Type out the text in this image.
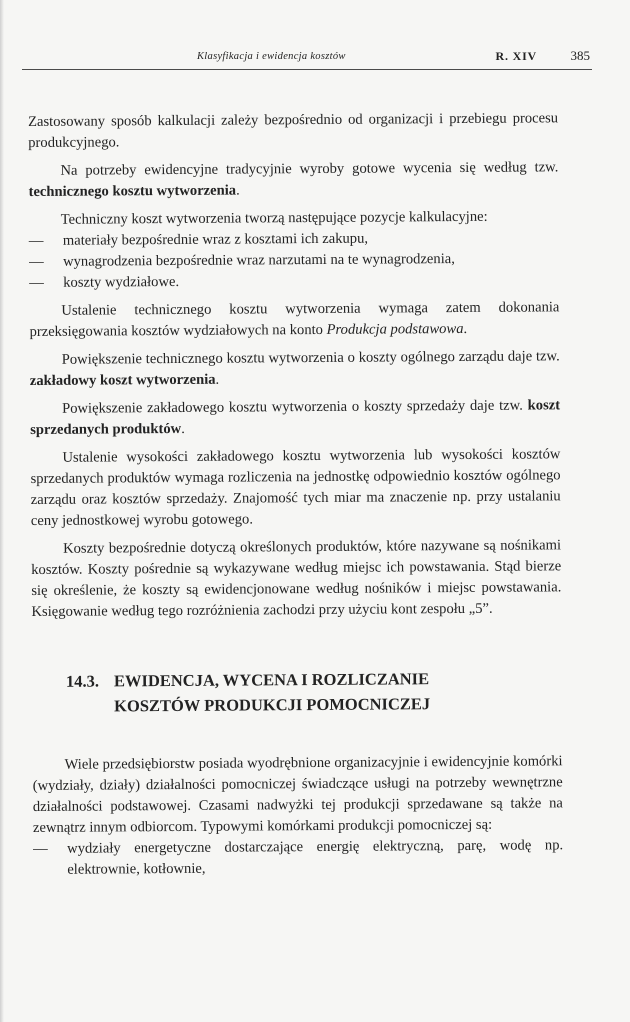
Klasyfikacja i ewidencja kosztów	R. XIV	385

Zastosowany sposób kalkulacji zależy bezpośrednio od organizacji i przebiegu procesu produkcyjnego.

Na potrzeby ewidencyjne tradycyjnie wyroby gotowe wycenia się według tzw. technicznego kosztu wytworzenia.

Techniczny koszt wytworzenia tworzą następujące pozycje kalkulacyjne:

— materiały bezpośrednie wraz z kosztami ich zakupu,
— wynagrodzenia bezpośrednie wraz narzutami na te wynagrodzenia,
— koszty wydziałowe.

Ustalenie technicznego kosztu wytworzenia wymaga zatem dokonania przeksięgowania kosztów wydziałowych na konto Produkcja podstawowa.

Powiększenie technicznego kosztu wytworzenia o koszty ogólnego zarządu daje tzw. zakładowy koszt wytworzenia.

Powiększenie zakładowego kosztu wytworzenia o koszty sprzedaży daje tzw. koszt sprzedanych produktów.

Ustalenie wysokości zakładowego kosztu wytworzenia lub wysokości kosztów sprzedanych produktów wymaga rozliczenia na jednostkę odpowiednio kosztów ogólnego zarządu oraz kosztów sprzedaży. Znajomość tych miar ma znaczenie np. przy ustalaniu ceny jednostkowej wyrobu gotowego.

Koszty bezpośrednie dotyczą określonych produktów, które nazywane są nośnikami kosztów. Koszty pośrednie są wykazywane według miejsc ich powstawania. Stąd bierze się określenie, że koszty są ewidencjonowane według nośników i miejsc powstawania. Księgowanie według tego rozróżnienia zachodzi przy użyciu kont zespołu „5”.

14.3. EWIDENCJA, WYCENA I ROZLICZANIE
KOSZTÓW PRODUKCJI POMOCNICZEJ

Wiele przedsiębiorstw posiada wyodrębnione organizacyjnie i ewidencyjnie komórki (wydziały, działy) działalności pomocniczej świadczące usługi na potrzeby wewnętrzne działalności podstawowej. Czasami nadwyżki tej produkcji sprzedawane są także na zewnątrz innym odbiorcom. Typowymi komórkami produkcji pomocniczej są:

— wydziały energetyczne dostarczające energię elektryczną, parę, wodę np. elektrownie, kotłownie,
